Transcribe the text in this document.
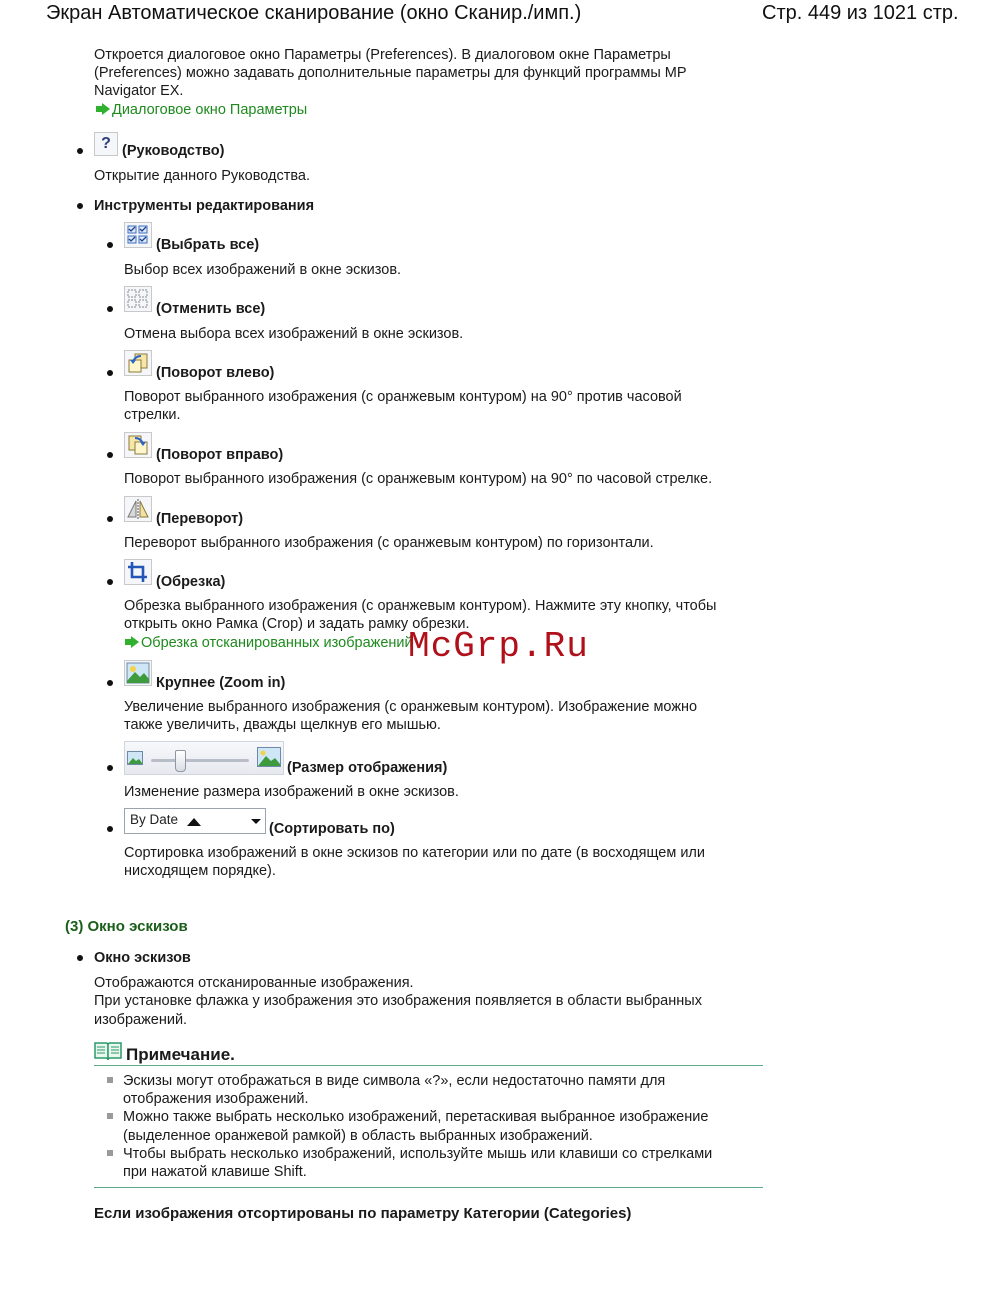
Экран Автоматическое сканирование (окно Сканир./имп.)	Стр. 449 из 1021 стр.
Откроется диалоговое окно Параметры (Preferences). В диалоговом окне Параметры
(Preferences) можно задавать дополнительные параметры для функций программы MP
Navigator EX.
Диалоговое окно Параметры
? (Руководство)
Открытие данного Руководства.
Инструменты редактирования
(Выбрать все)
Выбор всех изображений в окне эскизов.
(Отменить все)
Отмена выбора всех изображений в окне эскизов.
(Поворот влево)
Поворот выбранного изображения (с оранжевым контуром) на 90° против часовой
стрелки.
(Поворот вправо)
Поворот выбранного изображения (с оранжевым контуром) на 90° по часовой стрелке.
(Переворот)
Переворот выбранного изображения (с оранжевым контуром) по горизонтали.
(Обрезка)
Обрезка выбранного изображения (с оранжевым контуром). Нажмите эту кнопку, чтобы
открыть окно Рамка (Crop) и задать рамку обрезки.
Обрезка отсканированных изображений
Крупнее (Zoom in)
Увеличение выбранного изображения (с оранжевым контуром). Изображение можно
также увеличить, дважды щелкнув его мышью.
(Размер отображения)
Изменение размера изображений в окне эскизов.
By Date
(Сортировать по)
Сортировка изображений в окне эскизов по категории или по дате (в восходящем или
нисходящем порядке).
(3) Окно эскизов
Окно эскизов
Отображаются отсканированные изображения.
При установке флажка у изображения это изображения появляется в области выбранных
изображений.
Примечание.
Эскизы могут отображаться в виде символа «?», если недостаточно памяти для
отображения изображений.
Можно также выбрать несколько изображений, перетаскивая выбранное изображение
(выделенное оранжевой рамкой) в область выбранных изображений.
Чтобы выбрать несколько изображений, используйте мышь или клавиши со стрелками
при нажатой клавише Shift.
Если изображения отсортированы по параметру Категории (Categories)
McGrp.Ru
